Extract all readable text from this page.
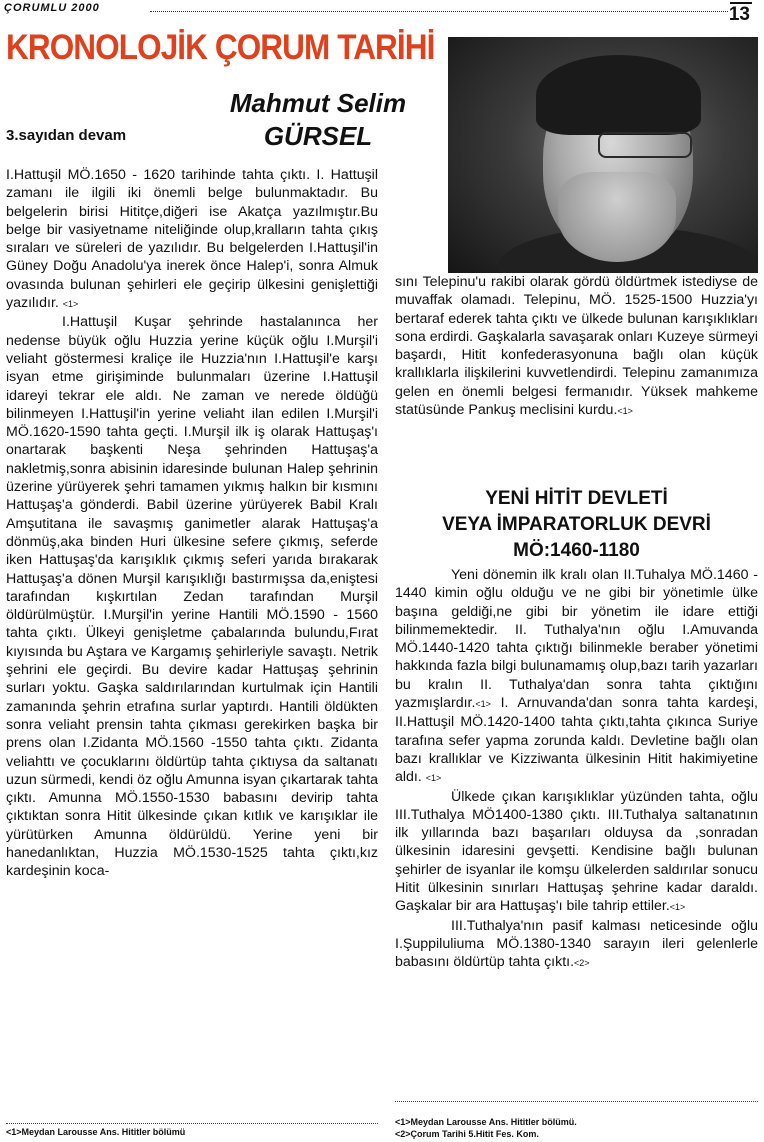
ÇORUMLU 2000	13
KRONOLOJİK ÇORUM TARİHİ
Mahmut Selim
GÜRSEL
3.sayıdan devam

I.Hattuşil MÖ.1650 - 1620 tarihinde tahta çıktı. I. Hattuşil zamanı ile ilgili iki önemli belge bulunmaktadır. Bu belgelerin birisi Hititçe,diğeri ise Akatça yazılmıştır.Bu belge bir vasiyetname niteliğinde olup,kralların tahta çıkış sıraları ve süreleri de yazılıdır. Bu belgelerden I.Hattuşil'in Güney Doğu Anadolu'ya inerek önce Halep'i, sonra Almuk ovasında bulunan şehirleri ele geçirip ülkesini genişlettiği yazılıdır. <1>

I.Hattuşil Kuşar şehrinde hastalanınca her nedense büyük oğlu Huzzia yerine küçük oğlu I.Murşil'i veliaht göstermesi kraliçe ile Huzzia'nın I.Hattuşil'e karşı isyan etme girişiminde bulunmaları üzerine I.Hattuşil idareyi tekrar ele aldı. Ne zaman ve nerede öldüğü bilinmeyen I.Hattuşil'in yerine veliaht ilan edilen I.Murşil'i MÖ.1620-1590 tahta geçti. I.Murşil ilk iş olarak Hattuşaş'ı onartarak başkenti Neşa şehrinden Hattuşaş'a nakletmiş,sonra abisinin idaresinde bulunan Halep şehrinin üzerine yürüyerek şehri tamamen yıkmış halkın bir kısmını Hattuşaş'a gönderdi. Babil üzerine yürüyerek Babil Kralı Amşutitana ile savaşmış ganimetler alarak Hattuşaş'a dönmüş,aka binden Huri ülkesine sefere çıkmış, seferde iken Hattuşaş'da karışıklık çıkmış seferi yarıda bırakarak Hattuşaş'a dönen Murşil karışıklığı bastırmışsa da,eniştesi tarafından kışkırtılan Zedan tarafından Murşil öldürülmüştür. I.Murşil'in yerine Hantili MÖ.1590 - 1560 tahta çıktı. Ülkeyi genişletme çabalarında bulundu,Fırat kıyısında bu Aştara ve Kargamış şehirleriyle savaştı. Netrik şehrini ele geçirdi. Bu devire kadar Hattuşaş şehrinin surları yoktu. Gaşka saldırılarından kurtulmak için Hantili zamanında şehrin etrafına surlar yaptırdı. Hantili öldükten sonra veliaht prensin tahta çıkması gerekirken başka bir prens olan I.Zidanta MÖ.1560 -1550 tahta çıktı. Zidanta veliahttı ve çocuklarını öldürtüp tahta çıktıysa da saltanatı uzun sürmedi, kendi öz oğlu Amunna isyan çıkartarak tahta çıktı. Amunna MÖ.1550-1530 babasını devirip tahta çıktıktan sonra Hitit ülkesinde çıkan kıtlık ve karışıklar ile yürütürken Amunna öldürüldü. Yerine yeni bir hanedanlıktan, Huzzia MÖ.1530-1525 tahta çıktı,kız kardeşinin koca-

sını Telepinu'u rakibi olarak gördü öldürtmek istediyse de muvaffak olamadı. Telepinu, MÖ. 1525-1500 Huzzia'yı bertaraf ederek tahta çıktı ve ülkede bulunan karışıklıkları sona erdirdi. Gaşkalarla savaşarak onları Kuzeye sürmeyi başardı, Hitit konfederasyonuna bağlı olan küçük krallıklarla ilişkilerini kuvvetlendirdi. Telepinu zamanımıza gelen en önemli belgesi fermanıdır. Yüksek mahkeme statüsünde Pankuş meclisini kurdu.<1>

YENİ HİTİT DEVLETİ
VEYA İMPARATORLUK DEVRİ
MÖ:1460-1180

Yeni dönemin ilk kralı olan II.Tuhalya MÖ.1460 - 1440 kimin oğlu olduğu ve ne gibi bir yönetimle ülke başına geldiği,ne gibi bir yönetim ile idare ettiği bilinmemektedir. II. Tuthalya'nın oğlu I.Amuvanda MÖ.1440-1420 tahta çıktığı bilinmekle beraber yönetimi hakkında fazla bilgi bulunamamış olup,bazı tarih yazarları bu kralın II. Tuthalya'dan sonra tahta çıktığını yazmışlardır.<1> I. Arnuvanda'dan sonra tahta kardeşi, II.Hattuşil MÖ.1420-1400 tahta çıktı,tahta çıkınca Suriye tarafına sefer yapma zorunda kaldı. Devletine bağlı olan bazı krallıklar ve Kizziwanta ülkesinin Hitit hakimiyetine aldı. <1>

Ülkede çıkan karışıklıklar yüzünden tahta, oğlu III.Tuthalya MÖ1400-1380 çıktı. III.Tuthalya saltanatının ilk yıllarında bazı başarıları olduysa da ,sonradan ülkesinin idaresini gevşetti. Kendisine bağlı bulunan şehirler de isyanlar ile komşu ülkelerden saldırılar sonucu Hitit ülkesinin sınırları Hattuşaş şehrine kadar daraldı. Gaşkalar bir ara Hattuşaş'ı bile tahrip ettiler.<1>

III.Tuthalya'nın pasif kalması neticesinde oğlu I.Şuppiluliuma MÖ.1380-1340 sarayın ileri gelenlerle babasını öldürtüp tahta çıktı.<2>

<1>Meydan Larousse Ans. Hititler bölümü
<1>Meydan Larousse Ans. Hititler bölümü.
<2>Çorum Tarihi 5.Hitit Fes. Kom.
